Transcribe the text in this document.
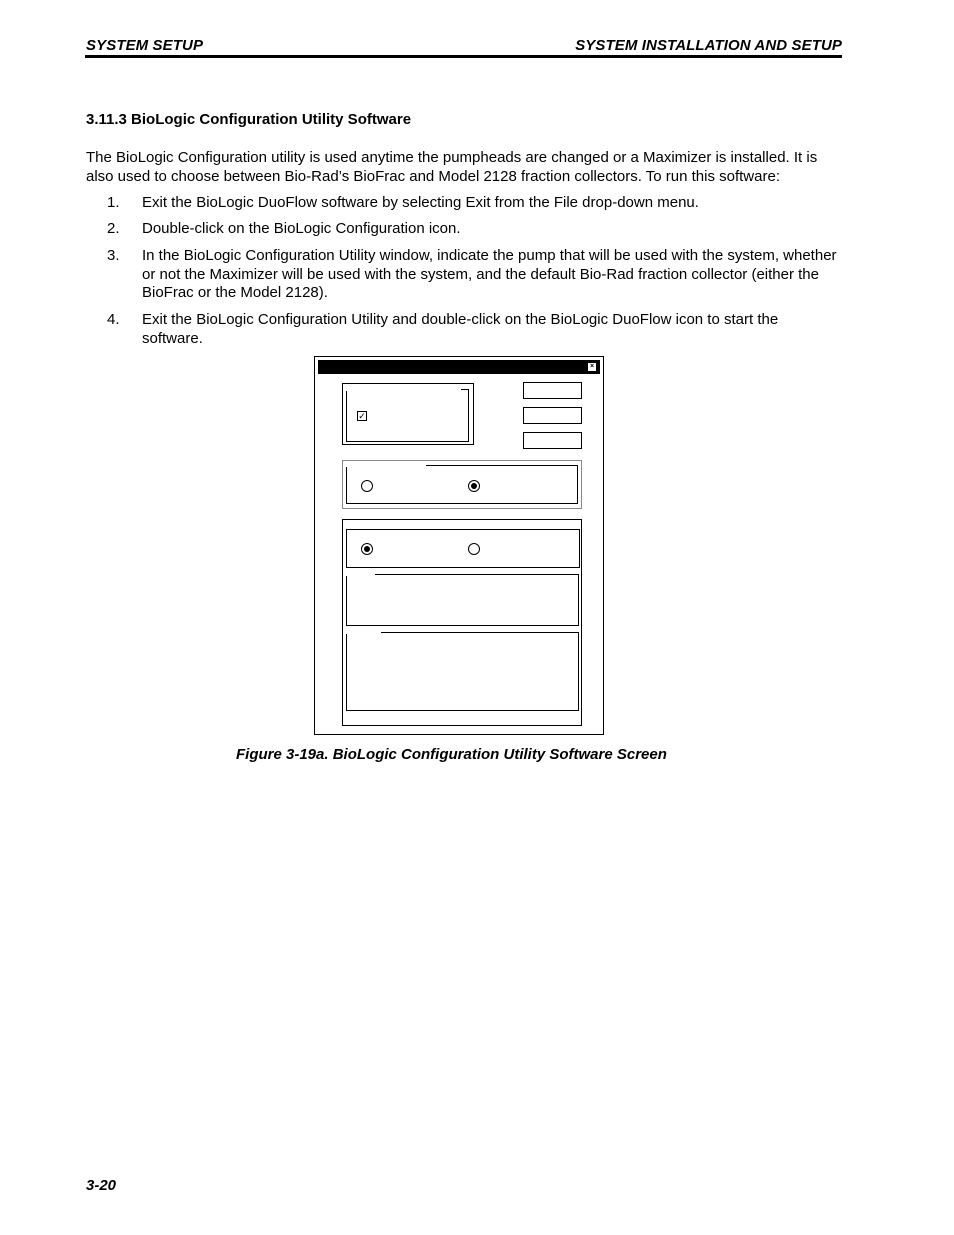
SYSTEM SETUP	SYSTEM INSTALLATION AND SETUP
3.11.3 BioLogic Configuration Utility Software

The BioLogic Configuration utility is used anytime the pumpheads are changed or a Maximizer is installed. It is also used to choose between Bio-Rad’s BioFrac and Model 2128 fraction collectors. To run this software:

1. Exit the BioLogic DuoFlow software by selecting Exit from the File drop-down menu.
2. Double-click on the BioLogic Configuration icon.
3. In the BioLogic Configuration Utility window, indicate the pump that will be used with the system, whether or not the Maximizer will be used with the system, and the default Bio-Rad fraction collector (either the BioFrac or the Model 2128).
4. Exit the BioLogic Configuration Utility and double-click on the BioLogic DuoFlow icon to start the software.
×
✓
Figure 3-19a. BioLogic Configuration Utility Software Screen
3-20
